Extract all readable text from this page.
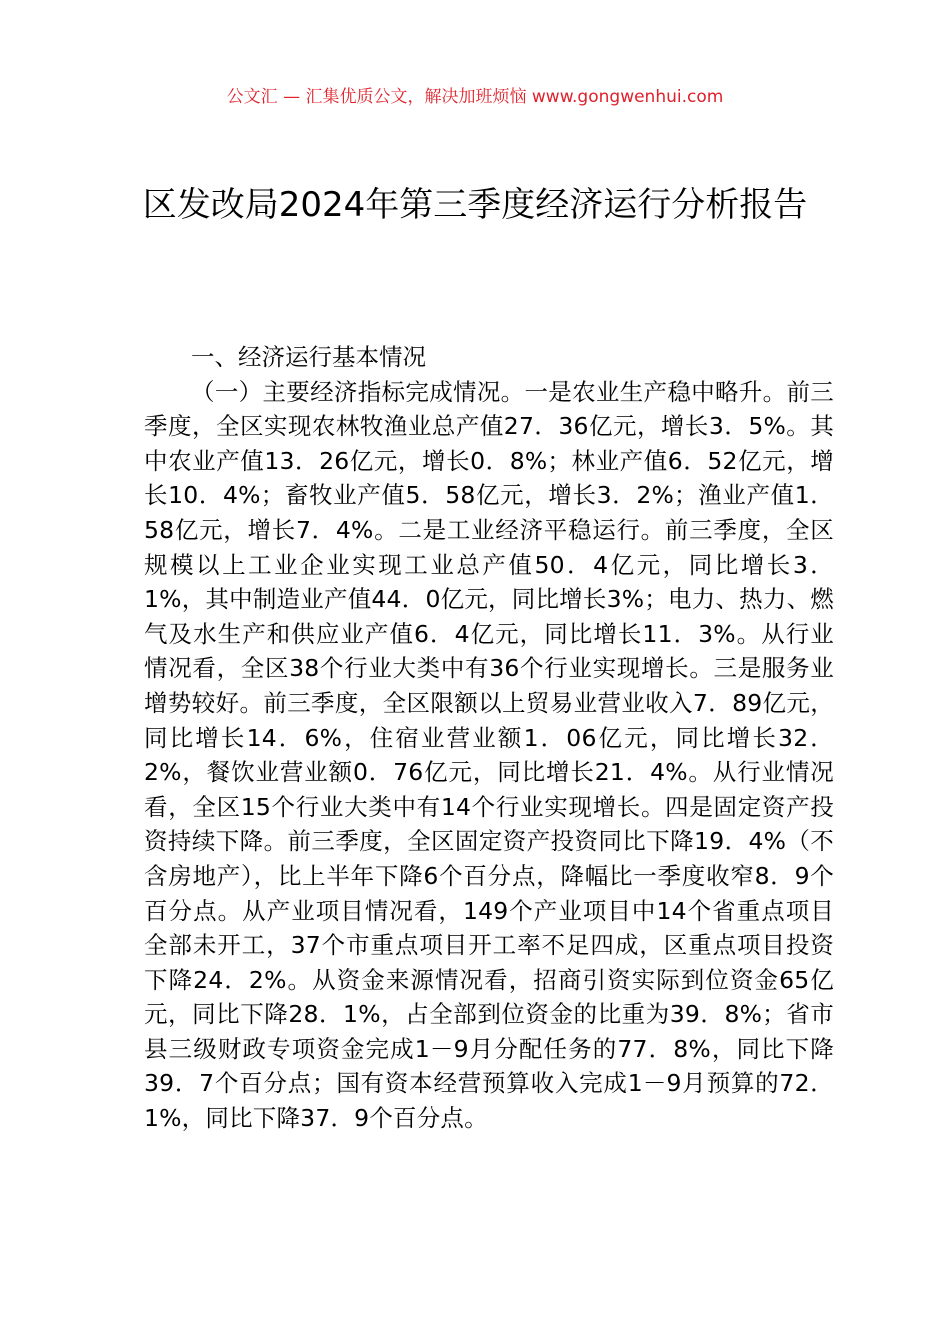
公文汇 — 汇集优质公文，解决加班烦恼 www.gongwenhui.com
区发改局2024年第三季度经济运行分析报告

一、经济运行基本情况

（一）主要经济指标完成情况。一是农业生产稳中略升。前三季度，全区实现农林牧渔业总产值27．36亿元，增长3．5%。其中农业产值13．26亿元，增长0．8%；林业产值6．52亿元，增长10．4%；畜牧业产值5．58亿元，增长3．2%；渔业产值1．58亿元，增长7．4%。二是工业经济平稳运行。前三季度，全区规模以上工业企业实现工业总产值50．4亿元，同比增长3．1%，其中制造业产值44．0亿元，同比增长3%；电力、热力、燃气及水生产和供应业产值6．4亿元，同比增长11．3%。从行业情况看，全区38个行业大类中有36个行业实现增长。三是服务业增势较好。前三季度，全区限额以上贸易业营业收入7．89亿元，同比增长14．6%，住宿业营业额1．06亿元，同比增长32．2%，餐饮业营业额0．76亿元，同比增长21．4%。从行业情况看，全区15个行业大类中有14个行业实现增长。四是固定资产投资持续下降。前三季度，全区固定资产投资同比下降19．4%（不含房地产），比上半年下降6个百分点，降幅比一季度收窄8．9个百分点。从产业项目情况看，149个产业项目中14个省重点项目全部未开工，37个市重点项目开工率不足四成，区重点项目投资下降24．2%。从资金来源情况看，招商引资实际到位资金65亿元，同比下降28．1%，占全部到位资金的比重为39．8%；省市县三级财政专项资金完成1－9月分配任务的77．8%，同比下降39．7个百分点；国有资本经营预算收入完成1－9月预算的72．1%，同比下降37．9个百分点。
